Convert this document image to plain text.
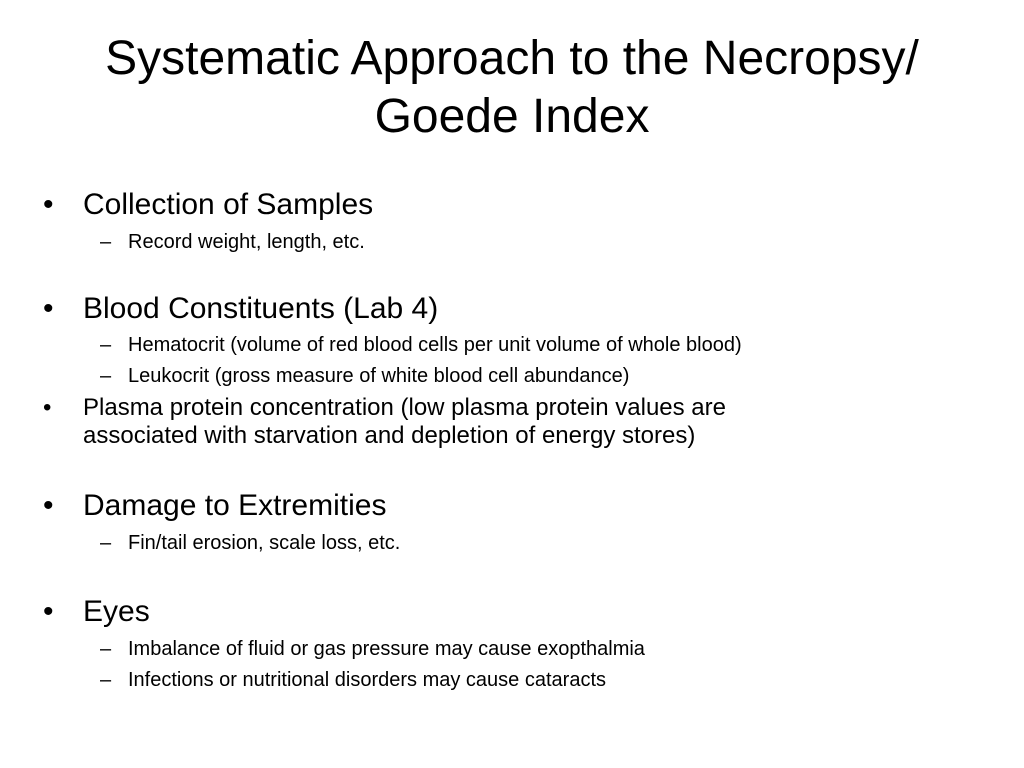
Systematic Approach to the Necropsy/
Goede Index
• Collection of Samples
– Record weight, length, etc.
• Blood Constituents (Lab 4)
– Hematocrit (volume of red blood cells per unit volume of whole blood)
– Leukocrit (gross measure of white blood cell abundance)
•	Plasma protein concentration (low plasma protein values are
associated with starvation and depletion of energy stores)
• Damage to Extremities
– Fin/tail erosion, scale loss, etc.
• Eyes
– Imbalance of fluid or gas pressure may cause exopthalmia
– Infections or nutritional disorders may cause cataracts
